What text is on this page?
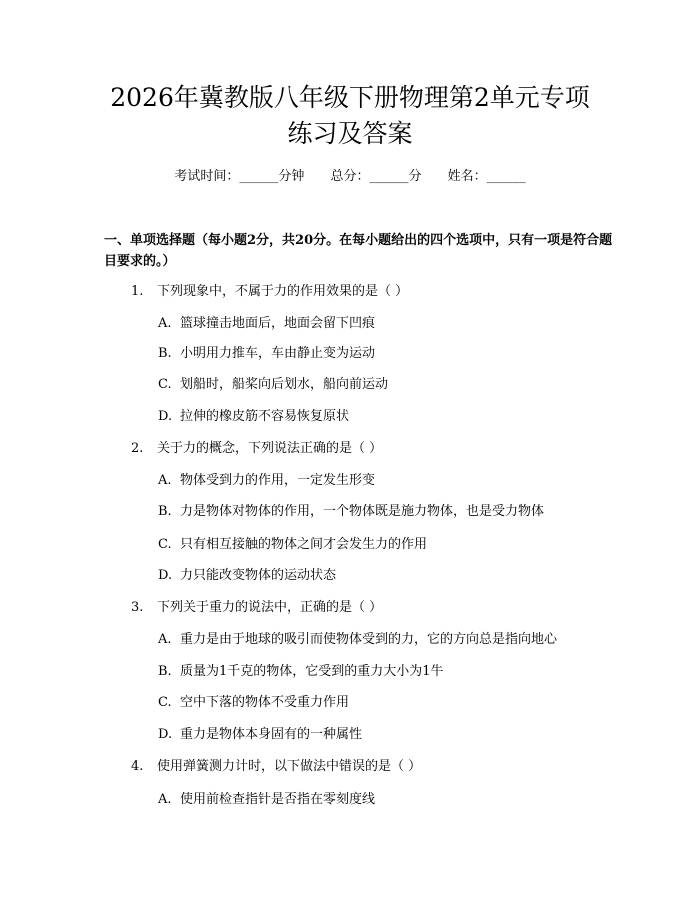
2026年冀教版八年级下册物理第2单元专项
练习及答案
考试时间：______分钟 总分：______分 姓名：______

一、单项选择题（每小题2分，共20分。在每小题给出的四个选项中，只有一项是符合题目要求的。）

1. 下列现象中，不属于力的作用效果的是（ ）
A. 篮球撞击地面后，地面会留下凹痕
B. 小明用力推车，车由静止变为运动
C. 划船时，船桨向后划水，船向前运动
D. 拉伸的橡皮筋不容易恢复原状
2. 关于力的概念，下列说法正确的是（ ）
A. 物体受到力的作用，一定发生形变
B. 力是物体对物体的作用，一个物体既是施力物体，也是受力物体
C. 只有相互接触的物体之间才会发生力的作用
D. 力只能改变物体的运动状态
3. 下列关于重力的说法中，正确的是（ ）
A. 重力是由于地球的吸引而使物体受到的力，它的方向总是指向地心
B. 质量为1千克的物体，它受到的重力大小为1牛
C. 空中下落的物体不受重力作用
D. 重力是物体本身固有的一种属性
4. 使用弹簧测力计时，以下做法中错误的是（ ）
A. 使用前检查指针是否指在零刻度线
